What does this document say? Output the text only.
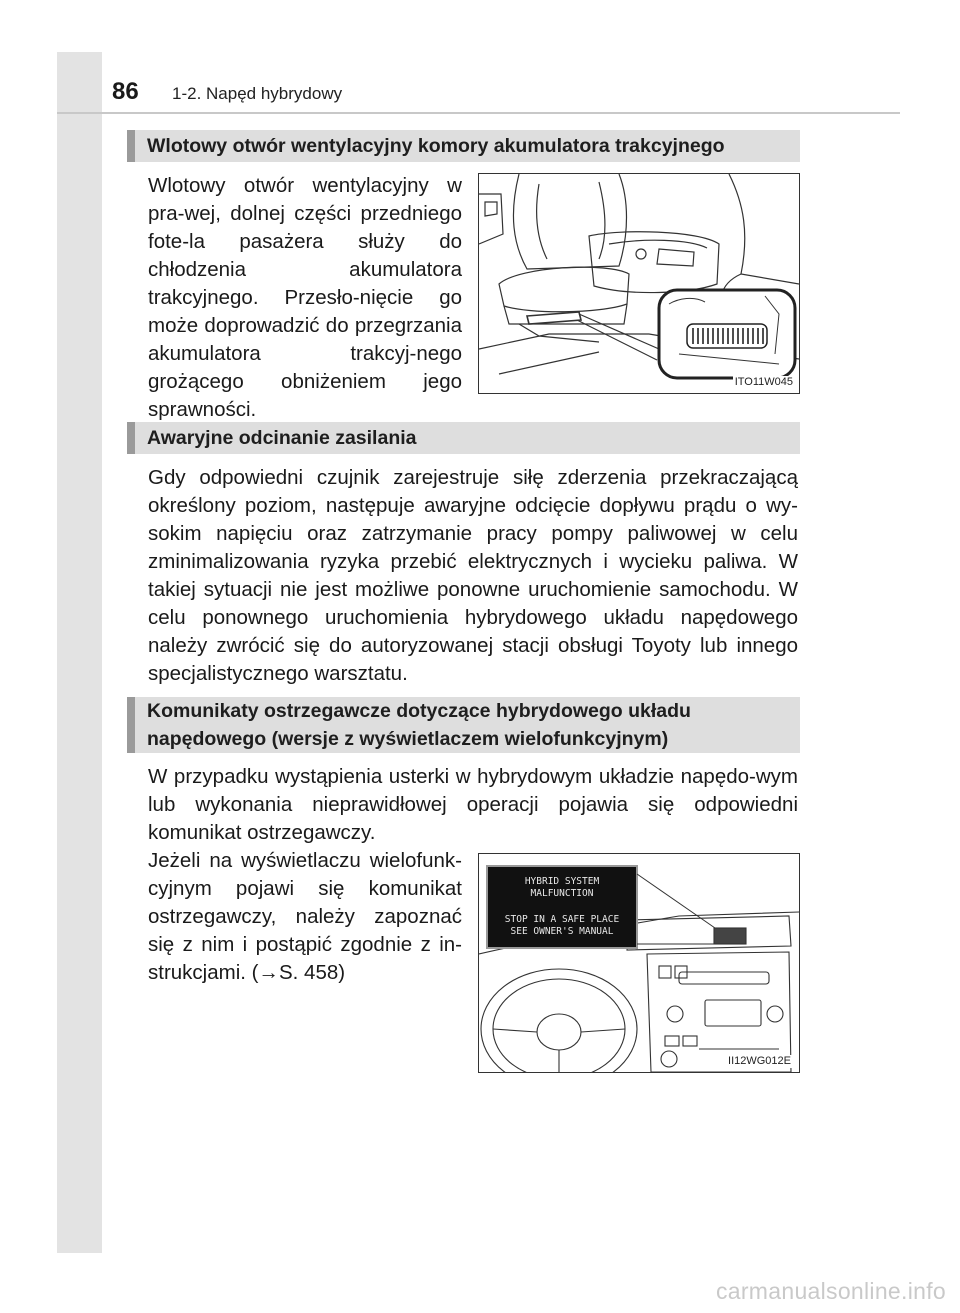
86 1-2. Napęd hybrydowy
Wlotowy otwór wentylacyjny komory akumulatora trakcyjnego

Wlotowy otwór wentylacyjny w pra-wej, dolnej części przedniego fote-la pasażera służy do chłodzenia akumulatora trakcyjnego. Przesło-nięcie go może doprowadzić do przegrzania akumulatora trakcyj-nego grożącego obniżeniem jego sprawności.

ITO11W045
Awaryjne odcinanie zasilania

Gdy odpowiedni czujnik zarejestruje siłę zderzenia przekraczającą określony poziom, następuje awaryjne odcięcie dopływu prądu o wy-sokim napięciu oraz zatrzymanie pracy pompy paliwowej w celu zminimalizowania ryzyka przebić elektrycznych i wycieku paliwa. W takiej sytuacji nie jest możliwe ponowne uruchomienie samochodu. W celu ponownego uruchomienia hybrydowego układu napędowego należy zwrócić się do autoryzowanej stacji obsługi Toyoty lub innego specjalistycznego warsztatu.

Komunikaty ostrzegawcze dotyczące hybrydowego układu napędowego (wersje z wyświetlaczem wielofunkcyjnym)

W przypadku wystąpienia usterki w hybrydowym układzie napędo-wym lub wykonania nieprawidłowej operacji pojawia się odpowiedni komunikat ostrzegawczy.

Jeżeli na wyświetlaczu wielofunk-cyjnym pojawi się komunikat ostrzegawczy, należy zapoznać się z nim i postąpić zgodnie z in-strukcjami. (→S. 458)

HYBRID SYSTEM
MALFUNCTION
STOP IN A SAFE PLACE
SEE OWNER'S MANUAL
II12WG012E
carmanualsonline.info
